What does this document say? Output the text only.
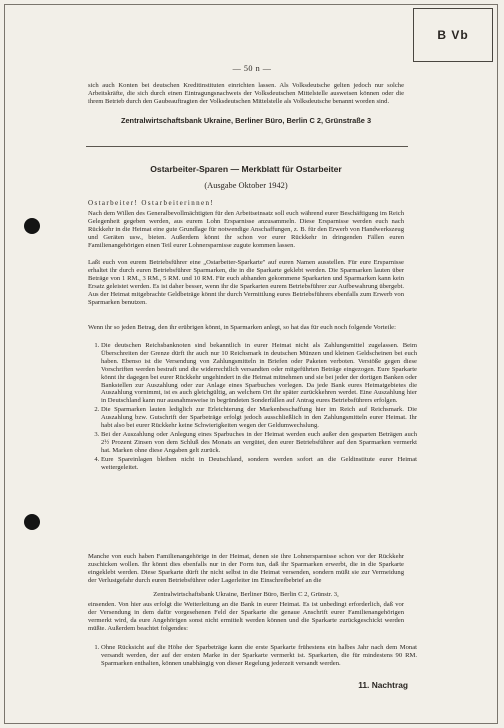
B Vb
— 50 n —
sich auch Konten bei deutschen Kreditinstituten einrichten lassen. Als Volksdeutsche gelten jedoch nur solche Arbeitskräfte, die sich durch einen Eintragungsnachweis der Volksdeutschen Mittelstelle ausweisen können oder die ihrem Betrieb durch den Gaubeauftragten der Volksdeutschen Mittelstelle als Volksdeutsche benannt worden sind.
Zentralwirtschaftsbank Ukraine, Berliner Büro, Berlin C 2, Grünstraße 3
Ostarbeiter-Sparen — Merkblatt für Ostarbeiter
(Ausgabe Oktober 1942)
Ostarbeiter! Ostarbeiterinnen!
Nach dem Willen des Generalbevollmächtigten für den Arbeitseinsatz soll euch während eurer Beschäftigung im Reich Gelegenheit gegeben werden, aus eurem Lohn Ersparnisse anzusammeln. Diese Ersparnisse werden euch nach Rückkehr in die Heimat eine gute Grundlage für notwendige Anschaffungen, z. B. für den Erwerb von Handwerkszeug und Geräten usw., bieten. Außerdem könnt ihr schon vor eurer Rückkehr in dringenden Fällen euren Familienangehörigen einen Teil eurer Lohnersparnisse zugute kommen lassen.
Laßt euch von eurem Betriebsführer eine „Ostarbeiter-Sparkarte" auf euren Namen ausstellen. Für eure Ersparnisse erhaltet ihr durch euren Betriebsführer Sparmarken, die in die Sparkarte geklebt werden. Die Sparmarken lauten über Beträge von 1 RM., 3 RM., 5 RM. und 10 RM. Für euch abhanden gekommene Sparkarten und Sparmarken kann kein Ersatz geleistet werden. Es ist daher besser, wenn ihr die Sparkarten eurem Betriebsführer zur Aufbewahrung übergebt. Aus der Heimat mitgebrachte Geldbeträge könnt ihr durch Vermittlung eures Betriebsführers ebenfalls zum Erwerb von Sparmarken benutzen.
Wenn ihr so jeden Betrag, den ihr erübrigen könnt, in Sparmarken anlegt, so hat das für euch noch folgende Vorteile:
1. Die deutschen Reichsbanknoten sind bekanntlich in eurer Heimat nicht als Zahlungsmittel zugelassen. Beim Überschreiten der Grenze dürft ihr auch nur 10 Reichsmark in deutschen Münzen und kleinen Geldscheinen bei euch haben. Ebenso ist die Versendung von Zahlungsmitteln in Briefen oder Paketen verboten. Verstöße gegen diese Vorschriften werden bestraft und die widerrechtlich versandten oder mitgeführten Beträge eingezogen. Eure Sparkarte könnt ihr dagegen bei eurer Rückkehr ungehindert in die Heimat mitnehmen und sie bei jeder der dortigen Banken oder Bankstellen zur Auszahlung oder zur Anlage eines Sparbuches vorlegen. Da jede Bank eures Heimatgebietes die Auszahlung vornimmt, ist es auch gleichgültig, an welchem Ort ihr später zurückkehren werdet. Eine Auszahlung hier in Deutschland kann nur ausnahmsweise in begründeten Sonderfällen auf Antrag eures Betriebsführers erfolgen.
2. Die Sparmarken lauten lediglich zur Erleichterung der Markenbeschaffung hier im Reich auf Reichsmark. Die Auszahlung bzw. Gutschrift der Sparbeträge erfolgt jedoch ausschließlich in den Zahlungsmitteln eurer Heimat. Ihr habt also bei eurer Rückkehr keine Schwierigkeiten wegen der Geldumwechslung.
3. Bei der Auszahlung oder Anlegung eines Sparbuches in der Heimat werden euch außer den gesparten Beträgen auch 2½ Prozent Zinsen von dem Schluß des Monats an vergütet, den eurer Betriebsführer auf den Sparmarken vermerkt hat. Marken ohne diese Angaben gelt zurück.
4. Eure Spareinlagen bleiben nicht in Deutschland, sondern werden sofort an die Geldinstitute eurer Heimat weitergeleitet.
Manche von euch haben Familienangehörige in der Heimat, denen sie ihre Lohnersparnisse schon vor der Rückkehr zuschicken wollen. Ihr könnt dies ebenfalls nur in der Form tun, daß ihr Sparmarken erwerbt, die in die Sparkarte eingeklebt werden. Diese Sparkarte dürft ihr nicht selbst in die Heimat versenden, sondern müßt sie zur Vermeidung der Verlustgefahr durch euren Betriebsführer oder Lagerleiter im Einschreibebrief an die
Zentralwirtschaftsbank Ukraine, Berliner Büro, Berlin C 2, Grünstr. 3,
einsenden. Von hier aus erfolgt die Weiterleitung an die Bank in eurer Heimat. Es ist unbedingt erforderlich, daß vor der Versendung in dem dafür vorgesehenen Feld der Sparkarte die genaue Anschrift eurer Familienangehörigen vermerkt wird, da eure Angehörigen sonst nicht ermittelt werden können und die Sparkarte zurückgeschickt werden müßte. Außerdem beachtet folgendes:
1. Ohne Rücksicht auf die Höhe der Sparbeträge kann die erste Sparkarte frühestens ein halbes Jahr nach dem Monat versandt werden, der auf der ersten Marke in der Sparkarte vermerkt ist. Sparkarten, die für mindestens 90 RM. Sparmarken enthalten, können unabhängig von dieser Regelung jederzeit versandt werden.
11. Nachtrag
